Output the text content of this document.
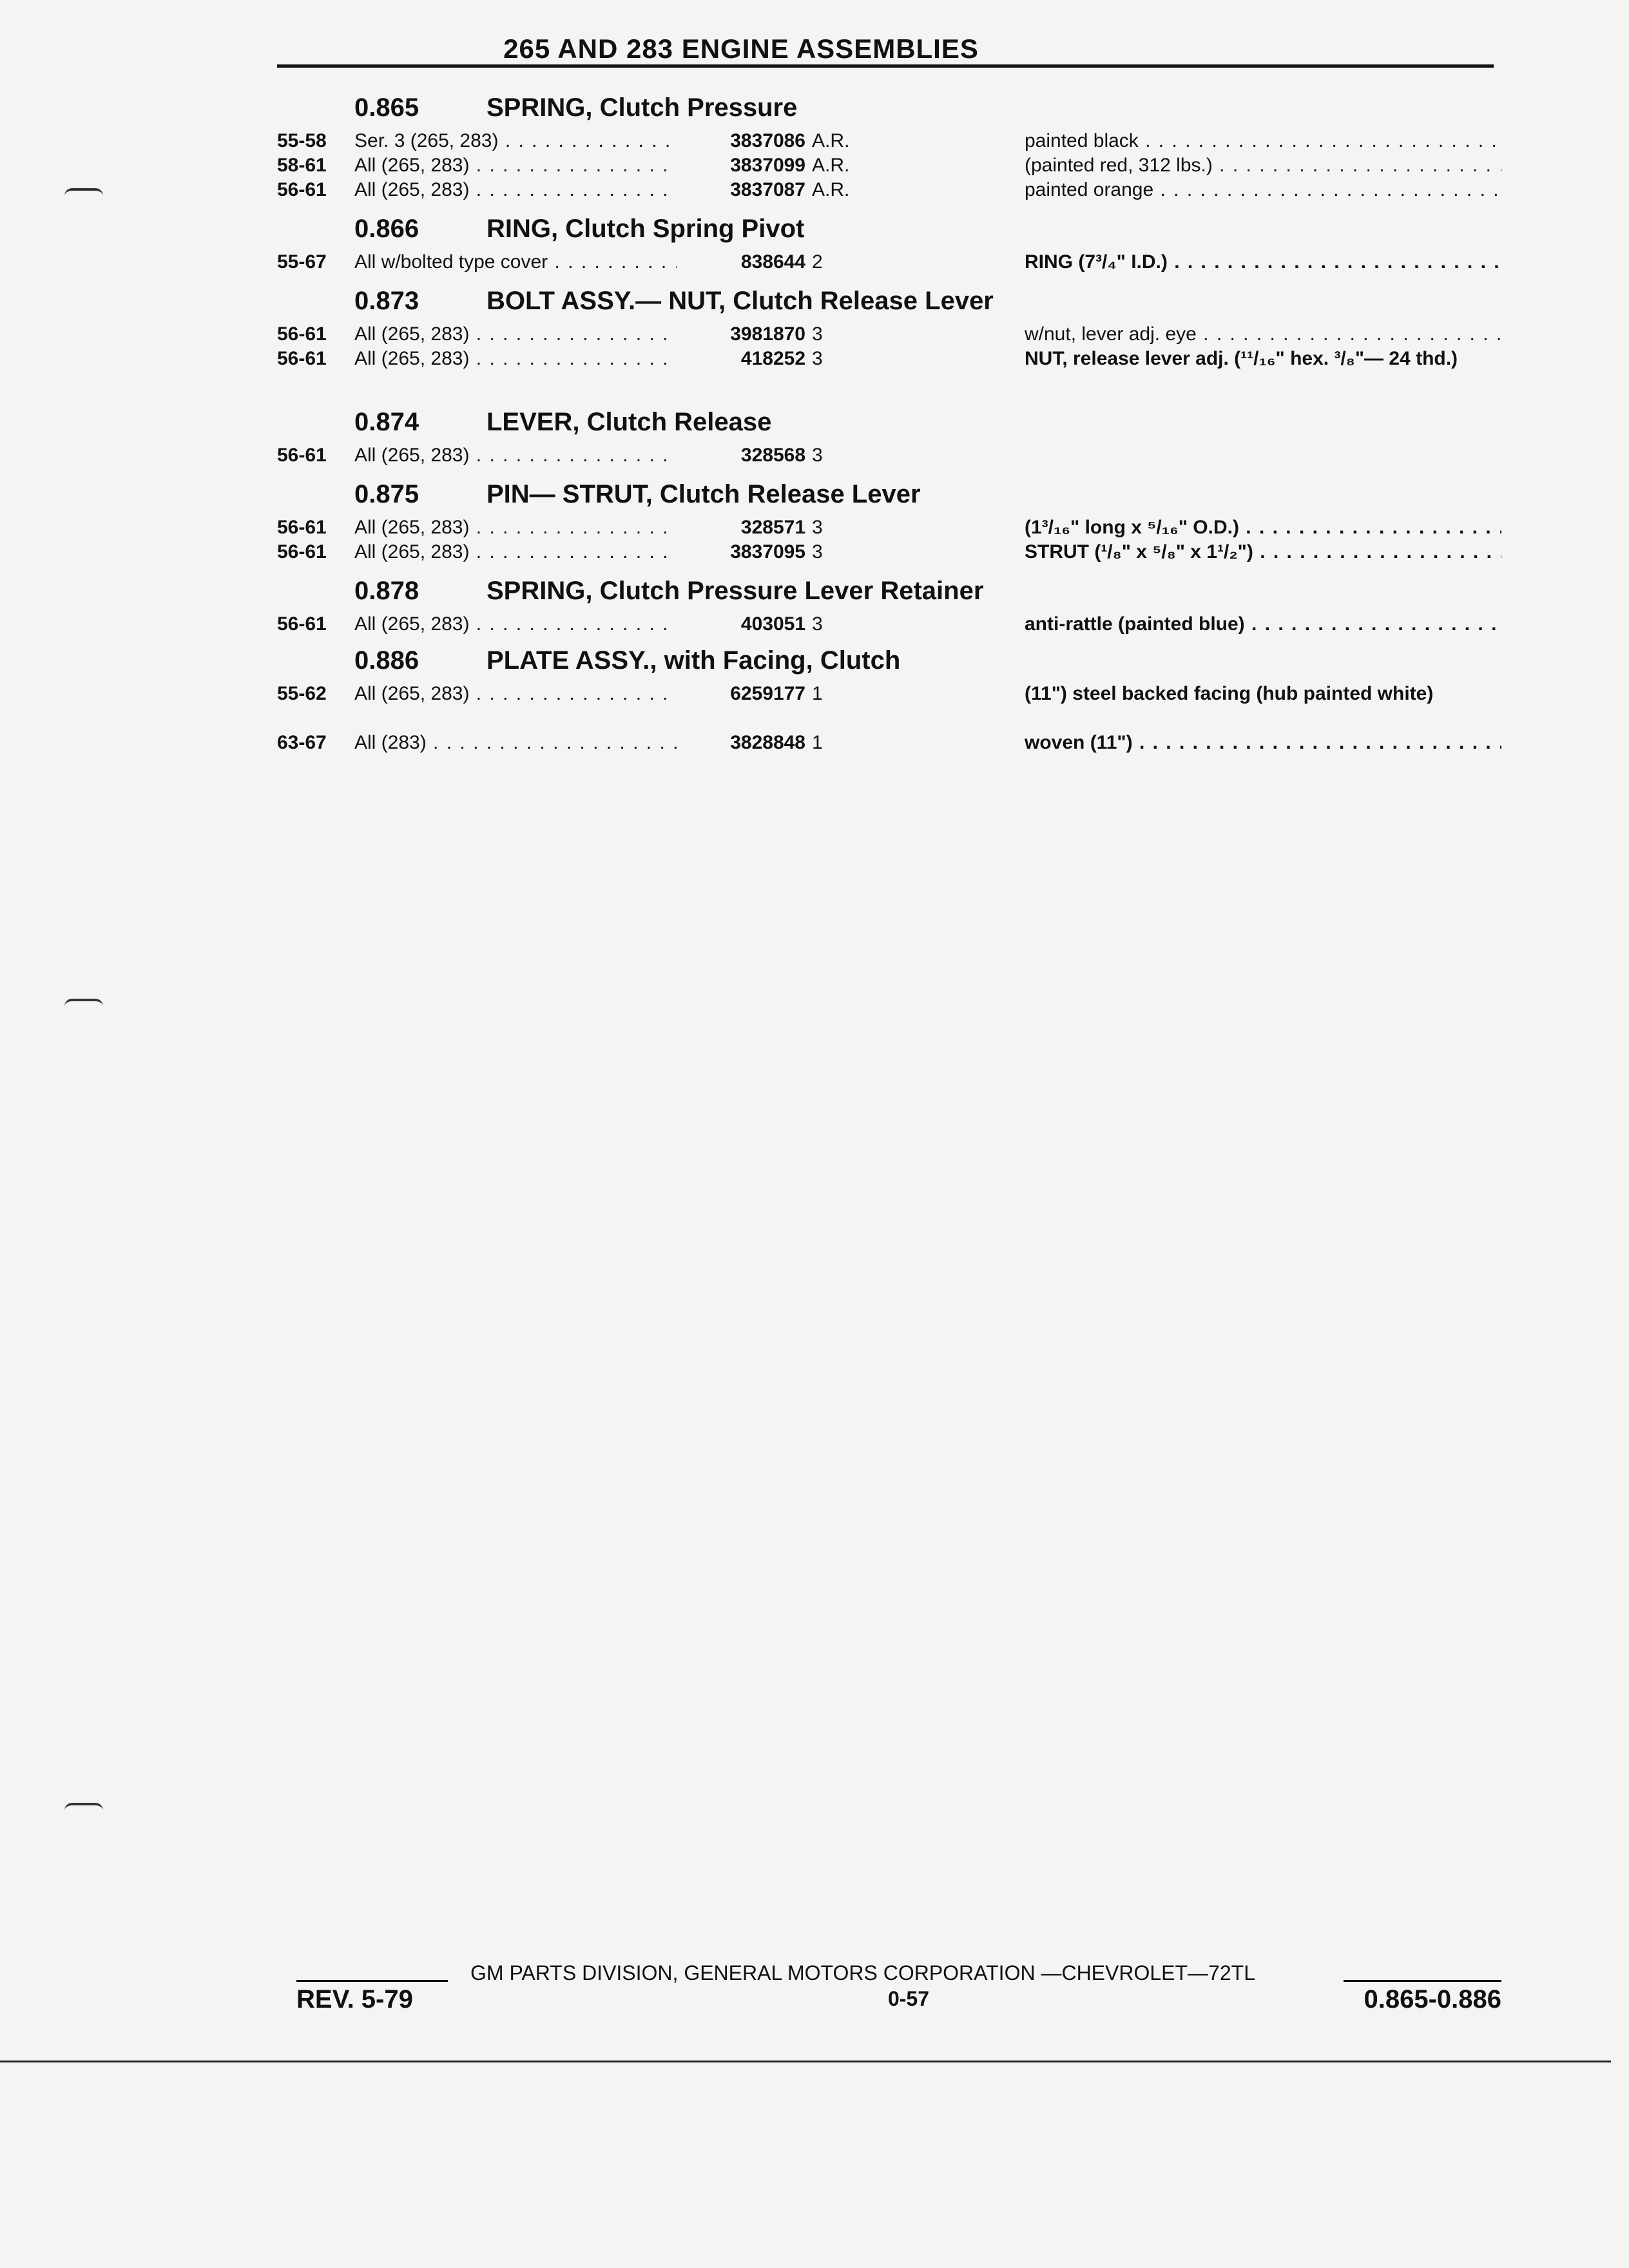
265 AND 283 ENGINE ASSEMBLIES
0.865	SPRING, Clutch Pressure
55-58	Ser. 3 (265, 283) . . .	3837086 A.R.	painted black . . .
58-61	All (265, 283) . . .	3837099 A.R.	(painted red, 312 lbs.) . . .
56-61	All (265, 283) . . .	3837087 A.R.	painted orange . . .
0.866	RING, Clutch Spring Pivot
55-67	All w/bolted type cover . . .	838644 2	RING (7³/₄" I.D.) . . .
0.873	BOLT ASSY.— NUT, Clutch Release Lever
56-61	All (265, 283) . . .	3981870 3	w/nut, lever adj. eye . . .
56-61	All (265, 283) . . .	418252 3	NUT, release lever adj. (¹¹/₁₆" hex. ³/₈"— 24 thd.)
0.874	LEVER, Clutch Release
56-61	All (265, 283) . . .	328568 3
0.875	PIN— STRUT, Clutch Release Lever
56-61	All (265, 283) . . .	328571 3	(1³/₁₆" long x ⁵/₁₆" O.D.) . . .
56-61	All (265, 283) . . .	3837095 3	STRUT (¹/₈" x ⁵/₈" x 1¹/₂") . . .
0.878	SPRING, Clutch Pressure Lever Retainer
56-61	All (265, 283) . . .	403051 3	anti-rattle (painted blue) . . .
0.886	PLATE ASSY., with Facing, Clutch
55-62	All (265, 283) . . .	6259177 1	(11") steel backed facing (hub painted white)
63-67	All (283) . . .	3828848 1	woven (11") . . .
GM PARTS DIVISION, GENERAL MOTORS CORPORATION —CHEVROLET—72TL
REV. 5-79	0-57	0.865-0.886
